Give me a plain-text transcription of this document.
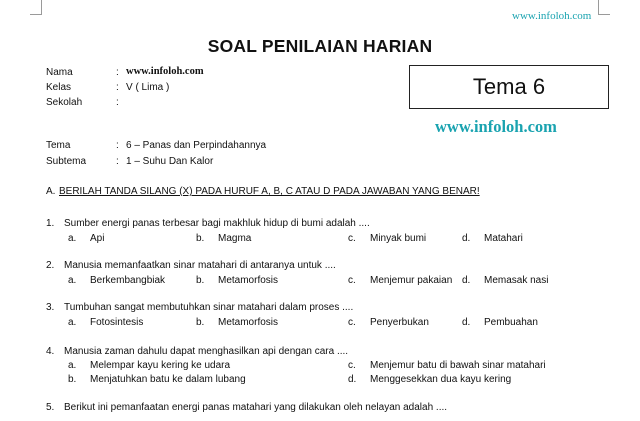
www.infoloh.com
SOAL PENILAIAN HARIAN
Nama	: www.infoloh.com
Kelas	: V ( Lima )
Sekolah	:
Tema 6
www.infoloh.com
Tema	: 6 – Panas dan Perpindahannya
Subtema	: 1 – Suhu Dan Kalor
A. BERILAH TANDA SILANG (X) PADA HURUF A, B, C ATAU D PADA JAWABAN YANG BENAR!
1. Sumber energi panas terbesar bagi makhluk hidup di bumi adalah ....
a. Api	b. Magma	c. Minyak bumi	d. Matahari
2. Manusia memanfaatkan sinar matahari di antaranya untuk ....
a. Berkembangbiak	b. Metamorfosis	c. Menjemur pakaian d. Memasak nasi
3. Tumbuhan sangat membutuhkan sinar matahari dalam proses ....
a. Fotosintesis	b. Metamorfosis	c. Penyerbukan	d. Pembuahan
4. Manusia zaman dahulu dapat menghasilkan api dengan cara ....
a. Melempar kayu kering ke udara	c. Menjemur batu di bawah sinar matahari
b. Menjatuhkan batu ke dalam lubang	d. Menggesekkan dua kayu kering
5. Berikut ini pemanfaatan energi panas matahari yang dilakukan oleh nelayan adalah ....
